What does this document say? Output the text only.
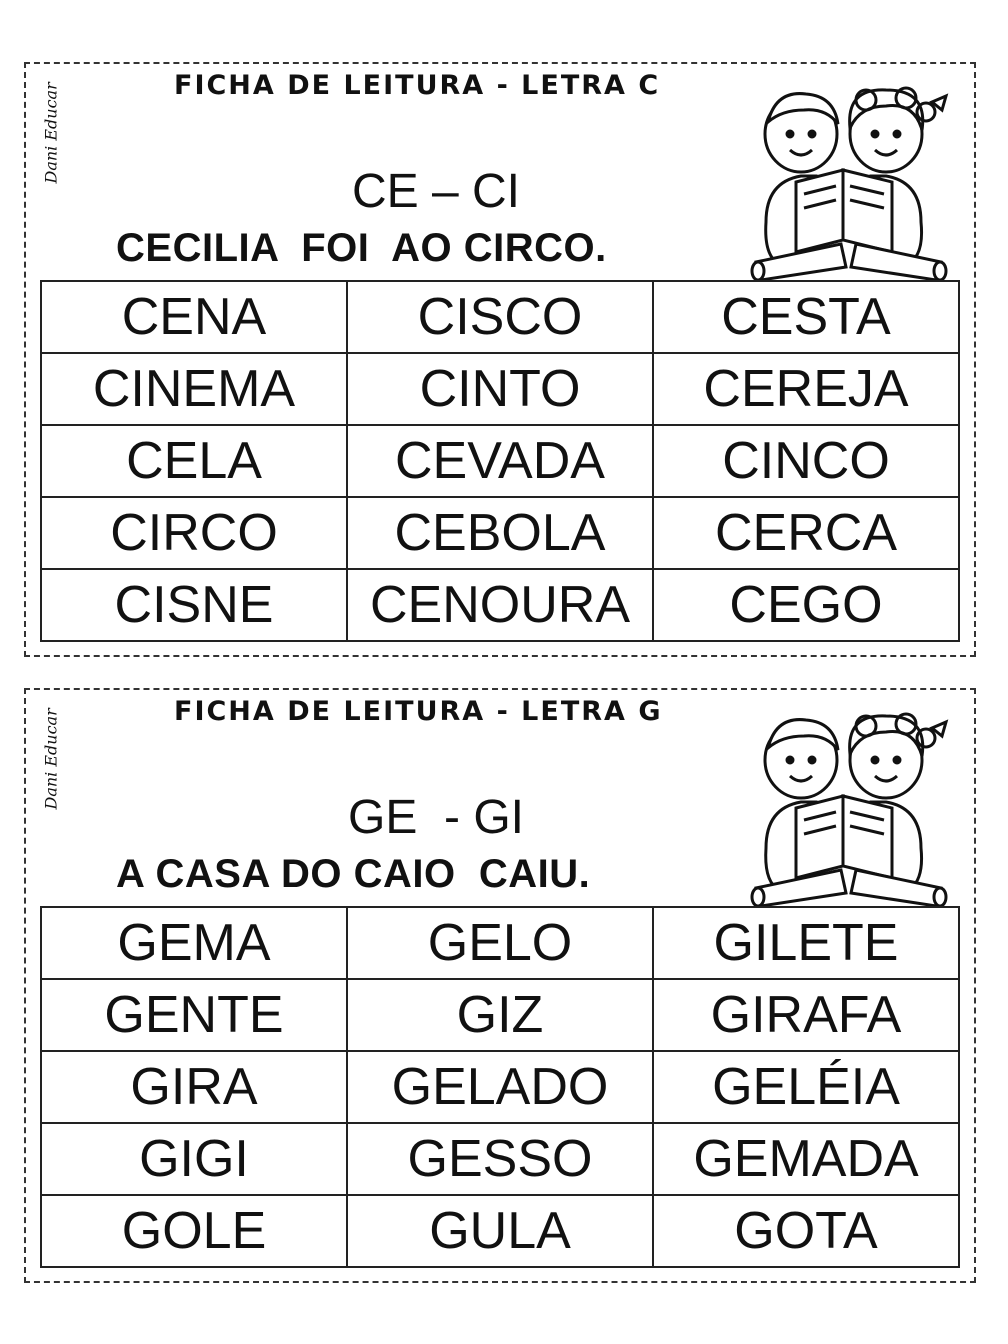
Dani Educar	FICHA DE LEITURA - LETRA C
CE – CI
CECILIA  FOI  AO CIRCO.
CENA	CISCO	CESTA
CINEMA	CINTO	CEREJA
CELA	CEVADA	CINCO
CIRCO	CEBOLA	CERCA
CISNE	CENOURA	CEGO
Dani Educar	FICHA DE LEITURA - LETRA G
GE  - GI
A CASA DO CAIO  CAIU.
GEMA	GELO	GILETE
GENTE	GIZ	GIRAFA
GIRA	GELADO	GELÉIA
GIGI	GESSO	GEMADA
GOLE	GULA	GOTA
